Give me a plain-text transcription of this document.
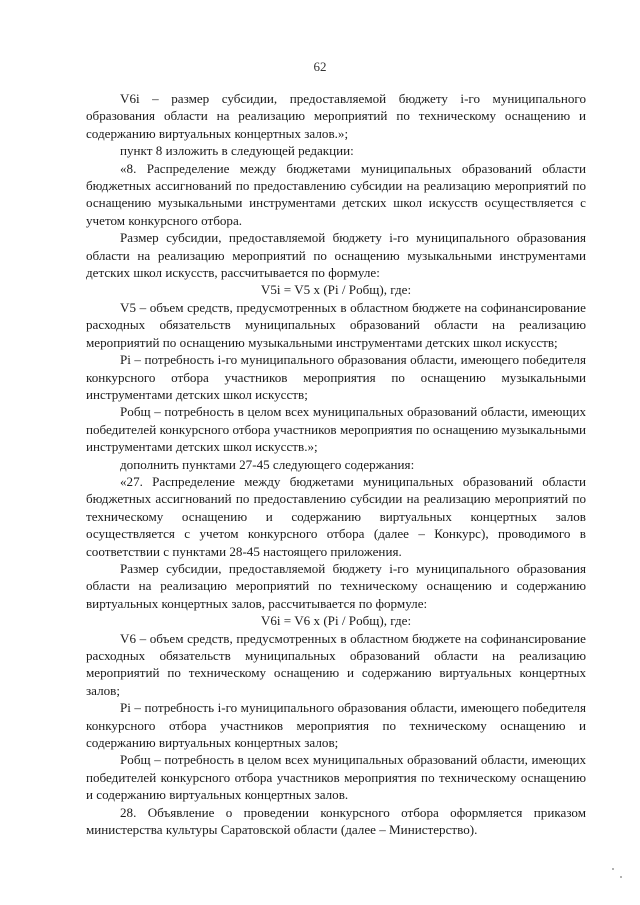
62

V6i – размер субсидии, предоставляемой бюджету i-го муниципального образования области на реализацию мероприятий по техническому оснащению и содержанию виртуальных концертных залов.»;

пункт 8 изложить в следующей редакции:

«8. Распределение между бюджетами муниципальных образований области бюджетных ассигнований по предоставлению субсидии на реализацию мероприятий по оснащению музыкальными инструментами детских школ искусств осуществляется с учетом конкурсного отбора.

Размер субсидии, предоставляемой бюджету i-го муниципального образования области на реализацию мероприятий по оснащению музыкальными инструментами детских школ искусств, рассчитывается по формуле:

V5i = V5 x (Pi / Pобщ), где:

V5 – объем средств, предусмотренных в областном бюджете на софинансирование расходных обязательств муниципальных образований области на реализацию мероприятий по оснащению музыкальными инструментами детских школ искусств;

Pi – потребность i-го муниципального образования области, имеющего победителя конкурсного отбора участников мероприятия по оснащению музыкальными инструментами детских школ искусств;

Pобщ – потребность в целом всех муниципальных образований области, имеющих победителей конкурсного отбора участников мероприятия по оснащению музыкальными инструментами детских школ искусств.»;

дополнить пунктами 27-45 следующего содержания:

«27. Распределение между бюджетами муниципальных образований области бюджетных ассигнований по предоставлению субсидии на реализацию мероприятий по техническому оснащению и содержанию виртуальных концертных залов осуществляется с учетом конкурсного отбора (далее – Конкурс), проводимого в соответствии с пунктами 28-45 настоящего приложения.

Размер субсидии, предоставляемой бюджету i-го муниципального образования области на реализацию мероприятий по техническому оснащению и содержанию виртуальных концертных залов, рассчитывается по формуле:

V6i = V6 x (Pi / Pобщ), где:

V6 – объем средств, предусмотренных в областном бюджете на софинансирование расходных обязательств муниципальных образований области на реализацию мероприятий по техническому оснащению и содержанию виртуальных концертных залов;

Pi – потребность i-го муниципального образования области, имеющего победителя конкурсного отбора участников мероприятия по техническому оснащению и содержанию виртуальных концертных залов;

Pобщ – потребность в целом всех муниципальных образований области, имеющих победителей конкурсного отбора участников мероприятия по техническому оснащению и содержанию виртуальных концертных залов.

28. Объявление о проведении конкурсного отбора оформляется приказом министерства культуры Саратовской области (далее – Министерство).
